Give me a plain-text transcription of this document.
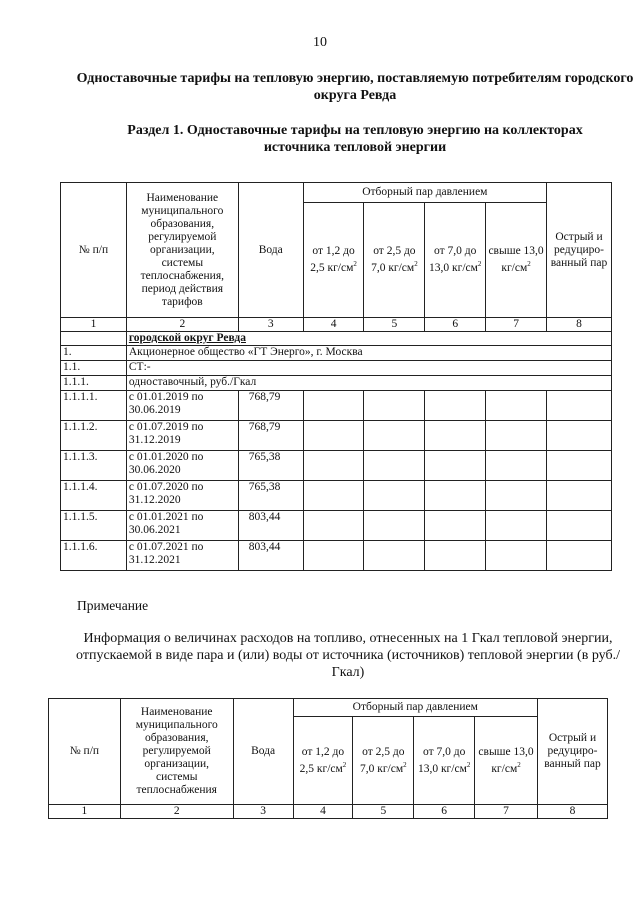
10
Одноставочные тарифы на тепловую энергию, поставляемую потребителям городского округа Ревда
Раздел 1. Одноставочные тарифы на тепловую энергию на коллекторах источника тепловой энергии
№ п/п	Наименование муниципального образования, регулируемой организации, системы теплоснабжения, период действия тарифов	Вода	Отборный пар давлением				Острый и редуциро-ванный пар
			от 1,2 до 2,5 $кг/см^2$	от 2,5 до 7,0 $кг/см^2$	от 7,0 до 13,0 $кг/см^2$	свыше 13,0 $кг/см^2$
1	2	3	4	5	6	7	8
	городской округ Ревда						
1.	Акционерное общество «ГТ Энерго», г. Москва						
1.1.	СТ:-						
1.1.1.	одноставочный, руб./Гкал						
1.1.1.1.	с 01.01.2019 по 30.06.2019	768,79					
1.1.1.2.	с 01.07.2019 по 31.12.2019	768,79					
1.1.1.3.	с 01.01.2020 по 30.06.2020	765,38					
1.1.1.4.	с 01.07.2020 по 31.12.2020	765,38					
1.1.1.5.	с 01.01.2021 по 30.06.2021	803,44					
1.1.1.6.	с 01.07.2021 по 31.12.2021	803,44					
Примечание
Информация о величинах расходов на топливо, отнесенных на 1 Гкал тепловой энергии, отпускаемой в виде пара и (или) воды от источника (источников) тепловой энергии (в руб./Гкал)
№ п/п	Наименование муниципального образования, регулируемой организации, системы теплоснабжения	Вода	Отборный пар давлением				Острый и редуциро-ванный пар
			от 1,2 до 2,5 $кг/см^2$	от 2,5 до 7,0 $кг/см^2$	от 7,0 до 13,0 $кг/см^2$	свыше 13,0 $кг/см^2$
1	2	3	4	5	6	7	8
